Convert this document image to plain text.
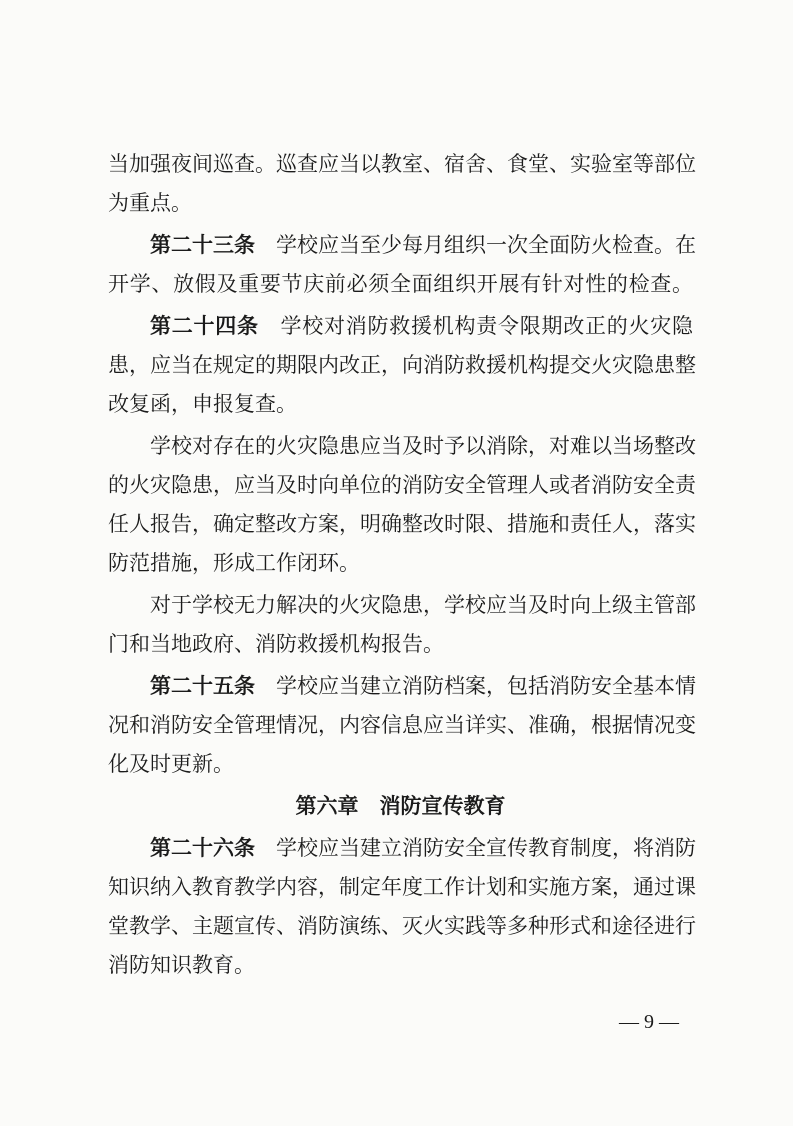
当加强夜间巡查。巡查应当以教室、宿舍、食堂、实验室等部位
为重点。
第二十三条　 学校应当至少每月组织一次全面防火检查。在
开学、放假及重要节庆前必须全面组织开展有针对性的检查。
第二十四条　 学校对消防救援机构责令限期改正的火灾隐
患，应当在规定的期限内改正，向消防救援机构提交火灾隐患整
改复函，申报复查。
学校对存在的火灾隐患应当及时予以消除，对难以当场整改
的火灾隐患，应当及时向单位的消防安全管理人或者消防安全责
任人报告，确定整改方案，明确整改时限、措施和责任人，落实
防范措施，形成工作闭环。
对于学校无力解决的火灾隐患，学校应当及时向上级主管部
门和当地政府、消防救援机构报告。
第二十五条　 学校应当建立消防档案，包括消防安全基本情
况和消防安全管理情况，内容信息应当详实、准确，根据情况变
化及时更新。
第六章　消防宣传教育
第二十六条　 学校应当建立消防安全宣传教育制度，将消防
知识纳入教育教学内容，制定年度工作计划和实施方案，通过课
堂教学、主题宣传、消防演练、灭火实践等多种形式和途径进行
消防知识教育。
— 9 —
